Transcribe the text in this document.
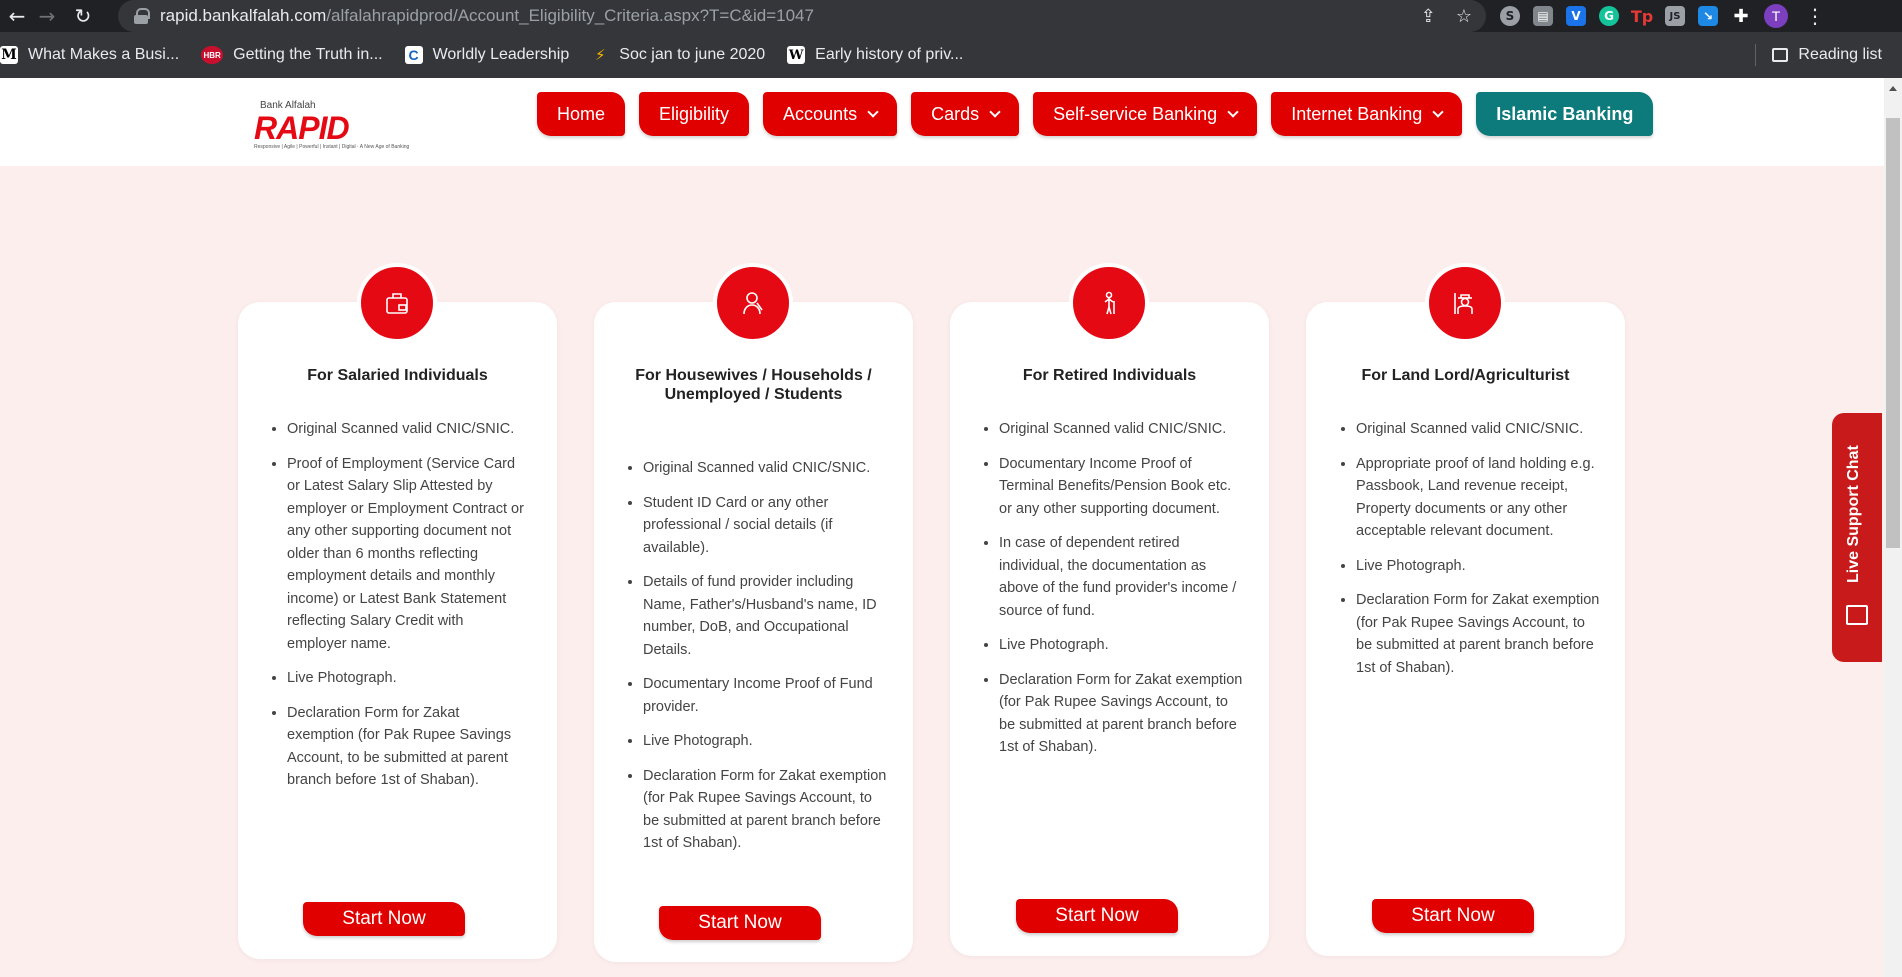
← → ↻	rapid.bankalfalah.com/alfalahrapidprod/Account_Eligibility_Criteria.aspx?T=C&id=1047	⇪ ☆	S	▤	V	G	Tp	JS	↘ ✚	T	⋮
M What Makes a Busi...	HBR Getting the Truth in... C Worldly Leadership ⚡ Soc jan to june 2020 W Early history of priv...	Reading list
Bank Alfalah
RAPID
Responsive | Agile | Powerful | Instant | Digital · A New Age of Banking
Home	Eligibility	Accounts	Cards	Self-service Banking	Internet Banking	Islamic Banking
For Salaried Individuals
• Original Scanned valid CNIC/SNIC.
• Proof of Employment (Service Card or Latest Salary Slip Attested by employer or Employment Contract or any other supporting document not older than 6 months reflecting employment details and monthly income) or Latest Bank Statement reflecting Salary Credit with employer name.
• Live Photograph.
• Declaration Form for Zakat exemption (for Pak Rupee Savings Account, to be submitted at parent branch before 1st of Shaban).
Start Now
For Housewives / Households / Unemployed / Students
• Original Scanned valid CNIC/SNIC.
• Student ID Card or any other professional / social details (if available).
• Details of fund provider including Name, Father's/Husband's name, ID number, DoB, and Occupational Details.
• Documentary Income Proof of Fund provider.
• Live Photograph.
• Declaration Form for Zakat exemption (for Pak Rupee Savings Account, to be submitted at parent branch before 1st of Shaban).
Start Now
For Retired Individuals
• Original Scanned valid CNIC/SNIC.
• Documentary Income Proof of Terminal Benefits/Pension Book etc. or any other supporting document.
• In case of dependent retired individual, the documentation as above of the fund provider's income / source of fund.
• Live Photograph.
• Declaration Form for Zakat exemption (for Pak Rupee Savings Account, to be submitted at parent branch before 1st of Shaban).
Start Now
For Land Lord/Agriculturist
• Original Scanned valid CNIC/SNIC.
• Appropriate proof of land holding e.g. Passbook, Land revenue receipt, Property documents or any other acceptable relevant document.
• Live Photograph.
• Declaration Form for Zakat exemption (for Pak Rupee Savings Account, to be submitted at parent branch before 1st of Shaban).
Start Now
Live Support Chat
